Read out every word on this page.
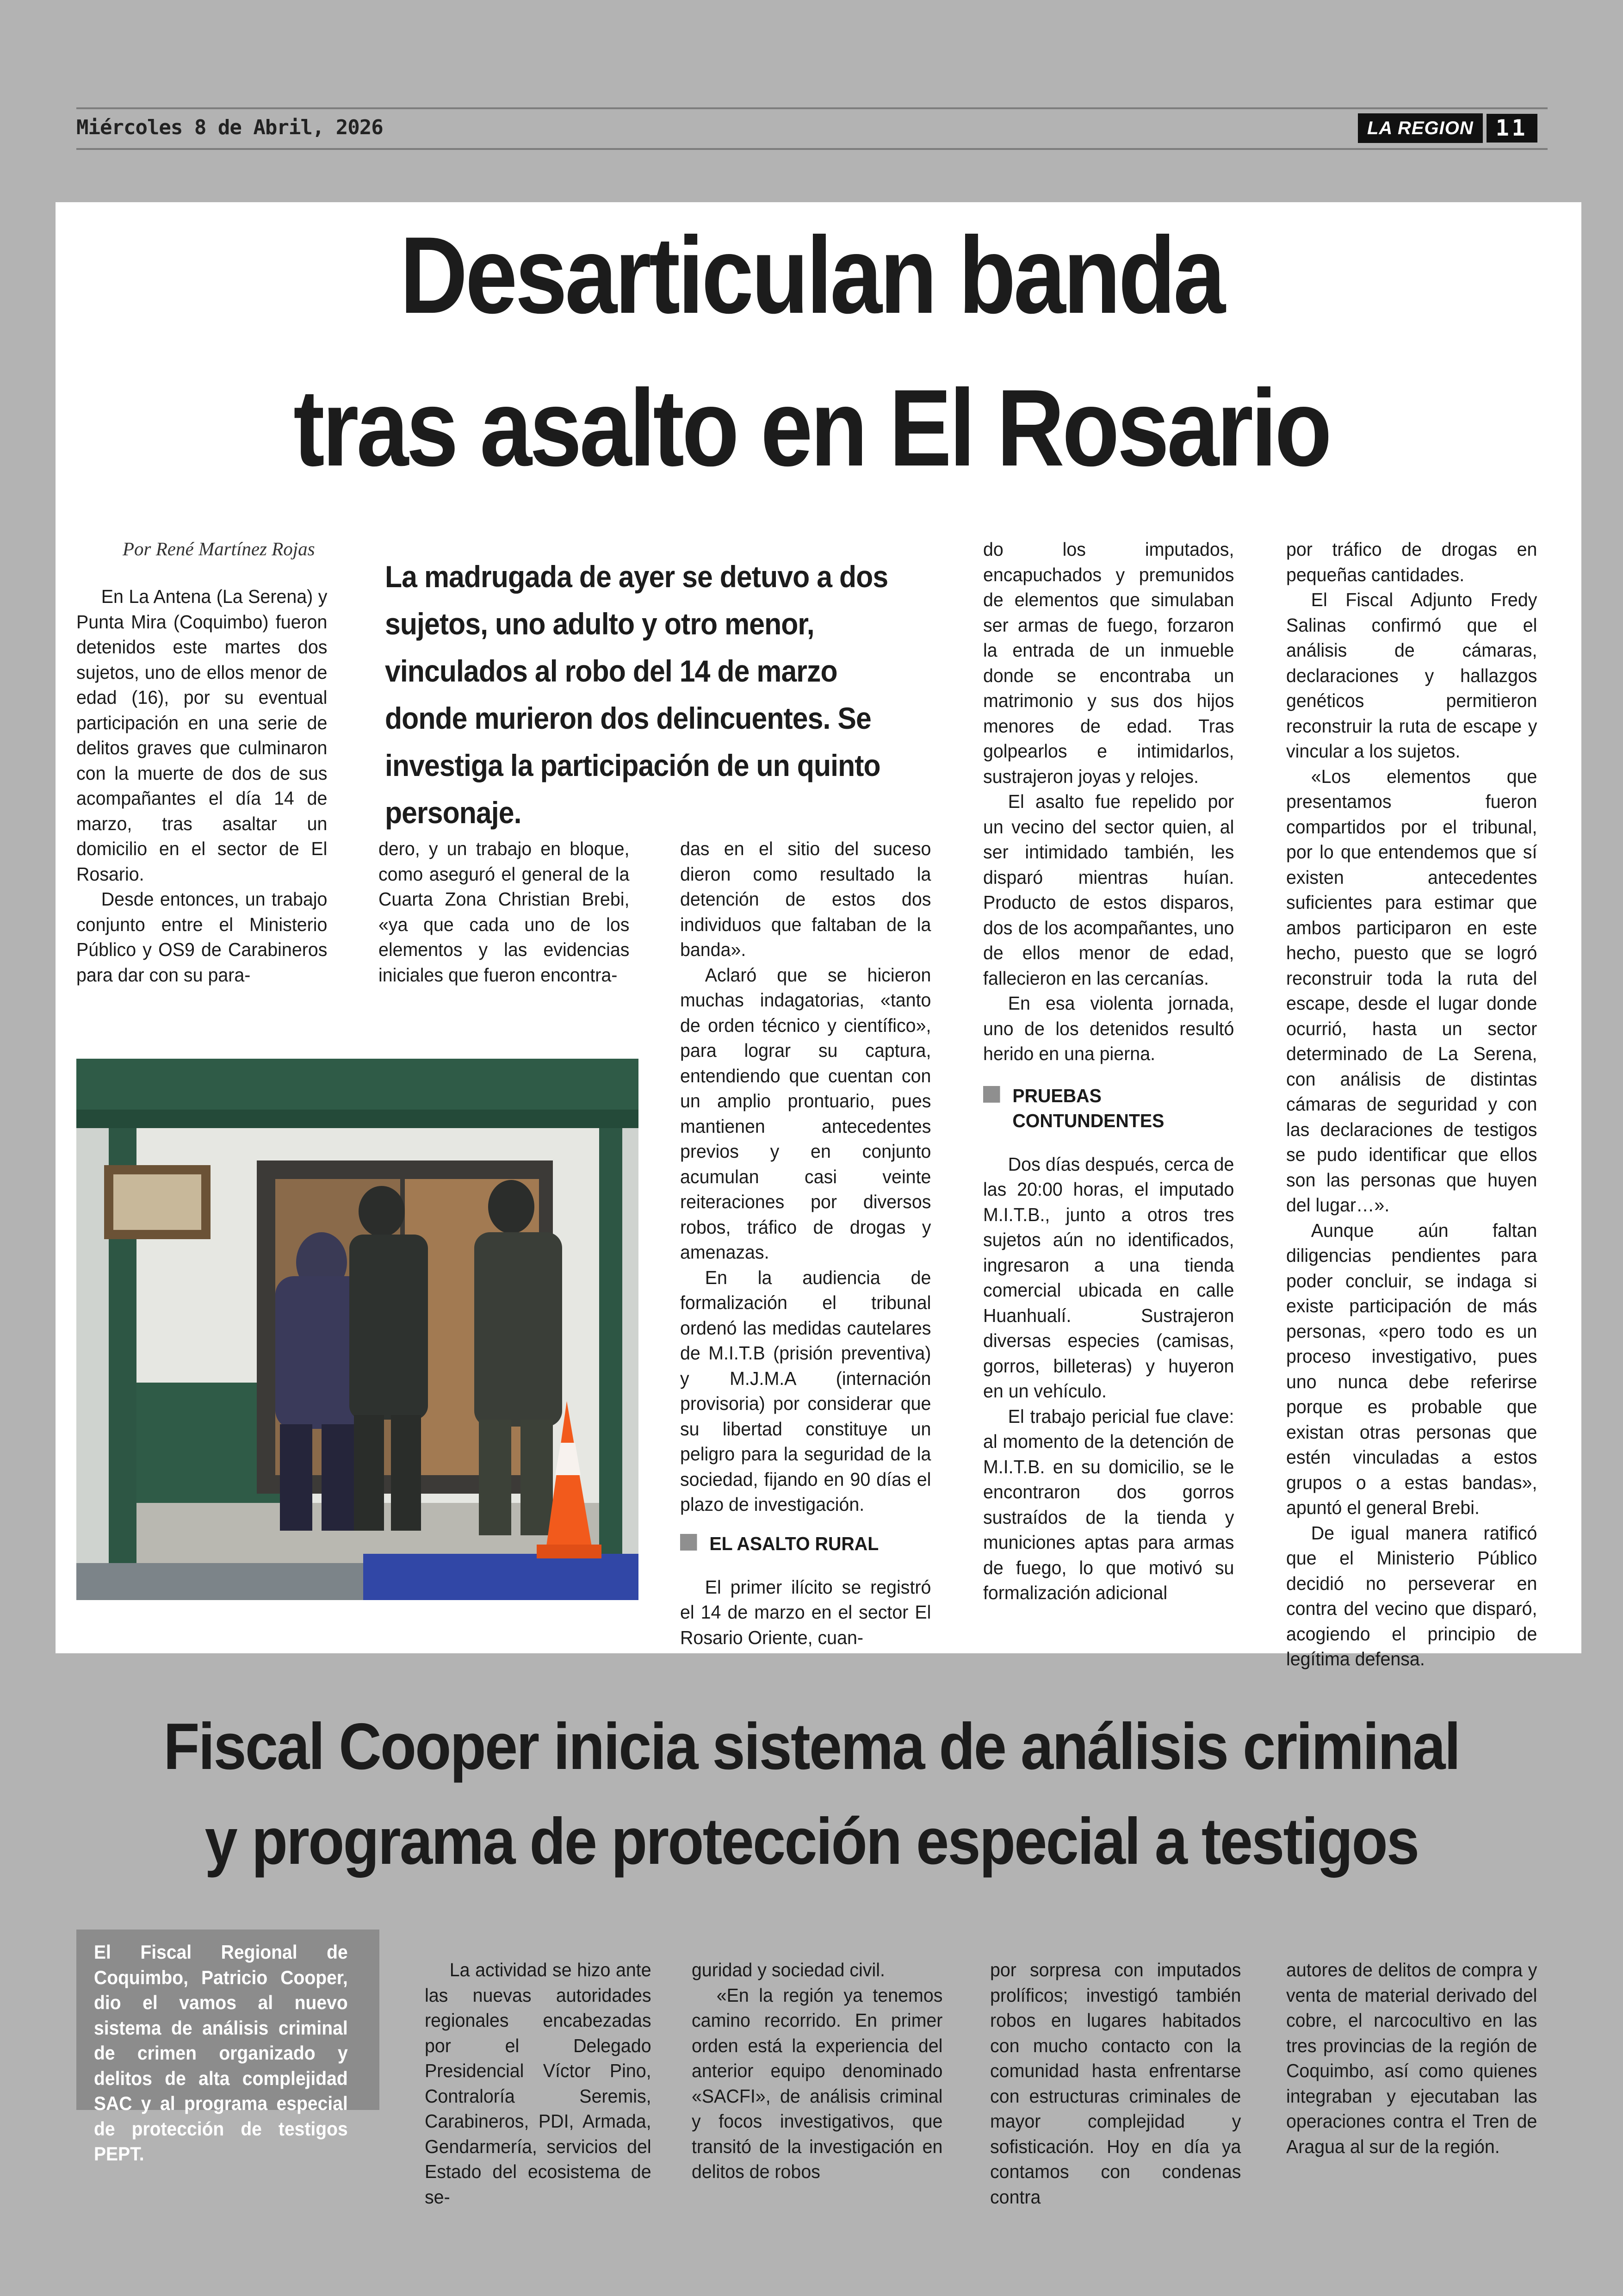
Miércoles 8 de Abril, 2026	LA REGION	11
Desarticulan banda
tras asalto en El Rosario
Por René Martínez Rojas

La madrugada de ayer se detuvo a dos sujetos, uno adulto y otro menor, vinculados al robo del 14 de marzo donde murieron dos delincuentes. Se investiga la participación de un quinto personaje.

En La Antena (La Serena) y Punta Mira (Coquimbo) fueron detenidos este martes dos sujetos, uno de ellos menor de edad (16), por su eventual participación en una serie de delitos graves que culminaron con la muerte de dos de sus acompañantes el día 14 de marzo, tras asaltar un domicilio en el sector de El Rosario.

Desde entonces, un trabajo conjunto entre el Ministerio Público y OS9 de Carabineros para dar con su para-

dero, y un trabajo en bloque, como aseguró el general de la Cuarta Zona Christian Brebi, «ya que cada uno de los elementos y las evidencias iniciales que fueron encontra-

das en el sitio del suceso dieron como resultado la detención de estos dos individuos que faltaban de la banda».

Aclaró que se hicieron muchas indagatorias, «tanto de orden técnico y científico», para lograr su captura, entendiendo que cuentan con un amplio prontuario, pues mantienen antecedentes previos y en conjunto acumulan casi veinte reiteraciones por diversos robos, tráfico de drogas y amenazas.

En la audiencia de formalización el tribunal ordenó las medidas cautelares de M.I.T.B (prisión preventiva) y M.J.M.A (internación provisoria) por considerar que su libertad constituye un peligro para la seguridad de la sociedad, fijando en 90 días el plazo de investigación.

EL ASALTO RURAL

El primer ilícito se registró el 14 de marzo en el sector El Rosario Oriente, cuan-

do los imputados, encapuchados y premunidos de elementos que simulaban ser armas de fuego, forzaron la entrada de un inmueble donde se encontraba un matrimonio y sus dos hijos menores de edad. Tras golpearlos e intimidarlos, sustrajeron joyas y relojes.

El asalto fue repelido por un vecino del sector quien, al ser intimidado también, les disparó mientras huían. Producto de estos disparos, dos de los acompañantes, uno de ellos menor de edad, fallecieron en las cercanías.

En esa violenta jornada, uno de los detenidos resultó herido en una pierna.

PRUEBAS CONTUNDENTES

Dos días después, cerca de las 20:00 horas, el imputado M.I.T.B., junto a otros tres sujetos aún no identificados, ingresaron a una tienda comercial ubicada en calle Huanhualí. Sustrajeron diversas especies (camisas, gorros, billeteras) y huyeron en un vehículo.

El trabajo pericial fue clave: al momento de la detención de M.I.T.B. en su domicilio, se le encontraron dos gorros sustraídos de la tienda y municiones aptas para armas de fuego, lo que motivó su formalización adicional

por tráfico de drogas en pequeñas cantidades.

El Fiscal Adjunto Fredy Salinas confirmó que el análisis de cámaras, declaraciones y hallazgos genéticos permitieron reconstruir la ruta de escape y vincular a los sujetos.

«Los elementos que presentamos fueron compartidos por el tribunal, por lo que entendemos que sí existen antecedentes suficientes para estimar que ambos participaron en este hecho, puesto que se logró reconstruir toda la ruta del escape, desde el lugar donde ocurrió, hasta un sector determinado de La Serena, con análisis de distintas cámaras de seguridad y con las declaraciones de testigos se pudo identificar que ellos son las personas que huyen del lugar…».

Aunque aún faltan diligencias pendientes para poder concluir, se indaga si existe participación de más personas, «pero todo es un proceso investigativo, pues uno nunca debe referirse porque es probable que existan otras personas que estén vinculadas a estos grupos o a estas bandas», apuntó el general Brebi.

De igual manera ratificó que el Ministerio Público decidió no perseverar en contra del vecino que disparó, acogiendo el principio de legítima defensa.

Fiscal Cooper inicia sistema de análisis criminal
y programa de protección especial a testigos

El Fiscal Regional de Coquimbo, Patricio Cooper, dio el vamos al nuevo sistema de análisis criminal de crimen organizado y delitos de alta complejidad SAC y al programa especial de protección de testigos PEPT.

La actividad se hizo ante las nuevas autoridades regionales encabezadas por el Delegado Presidencial Víctor Pino, Contraloría Seremis, Carabineros, PDI, Armada, Gendarmería, servicios del Estado del ecosistema de se-

guridad y sociedad civil.

«En la región ya tenemos camino recorrido. En primer orden está la experiencia del anterior equipo denominado «SACFI», de análisis criminal y focos investigativos, que transitó de la investigación en delitos de robos

por sorpresa con imputados prolíficos; investigó también robos en lugares habitados con mucho contacto con la comunidad hasta enfrentarse con estructuras criminales de mayor complejidad y sofisticación. Hoy en día ya contamos con condenas contra

autores de delitos de compra y venta de material derivado del cobre, el narcocultivo en las tres provincias de la región de Coquimbo, así como quienes integraban y ejecutaban las operaciones contra el Tren de Aragua al sur de la región.
